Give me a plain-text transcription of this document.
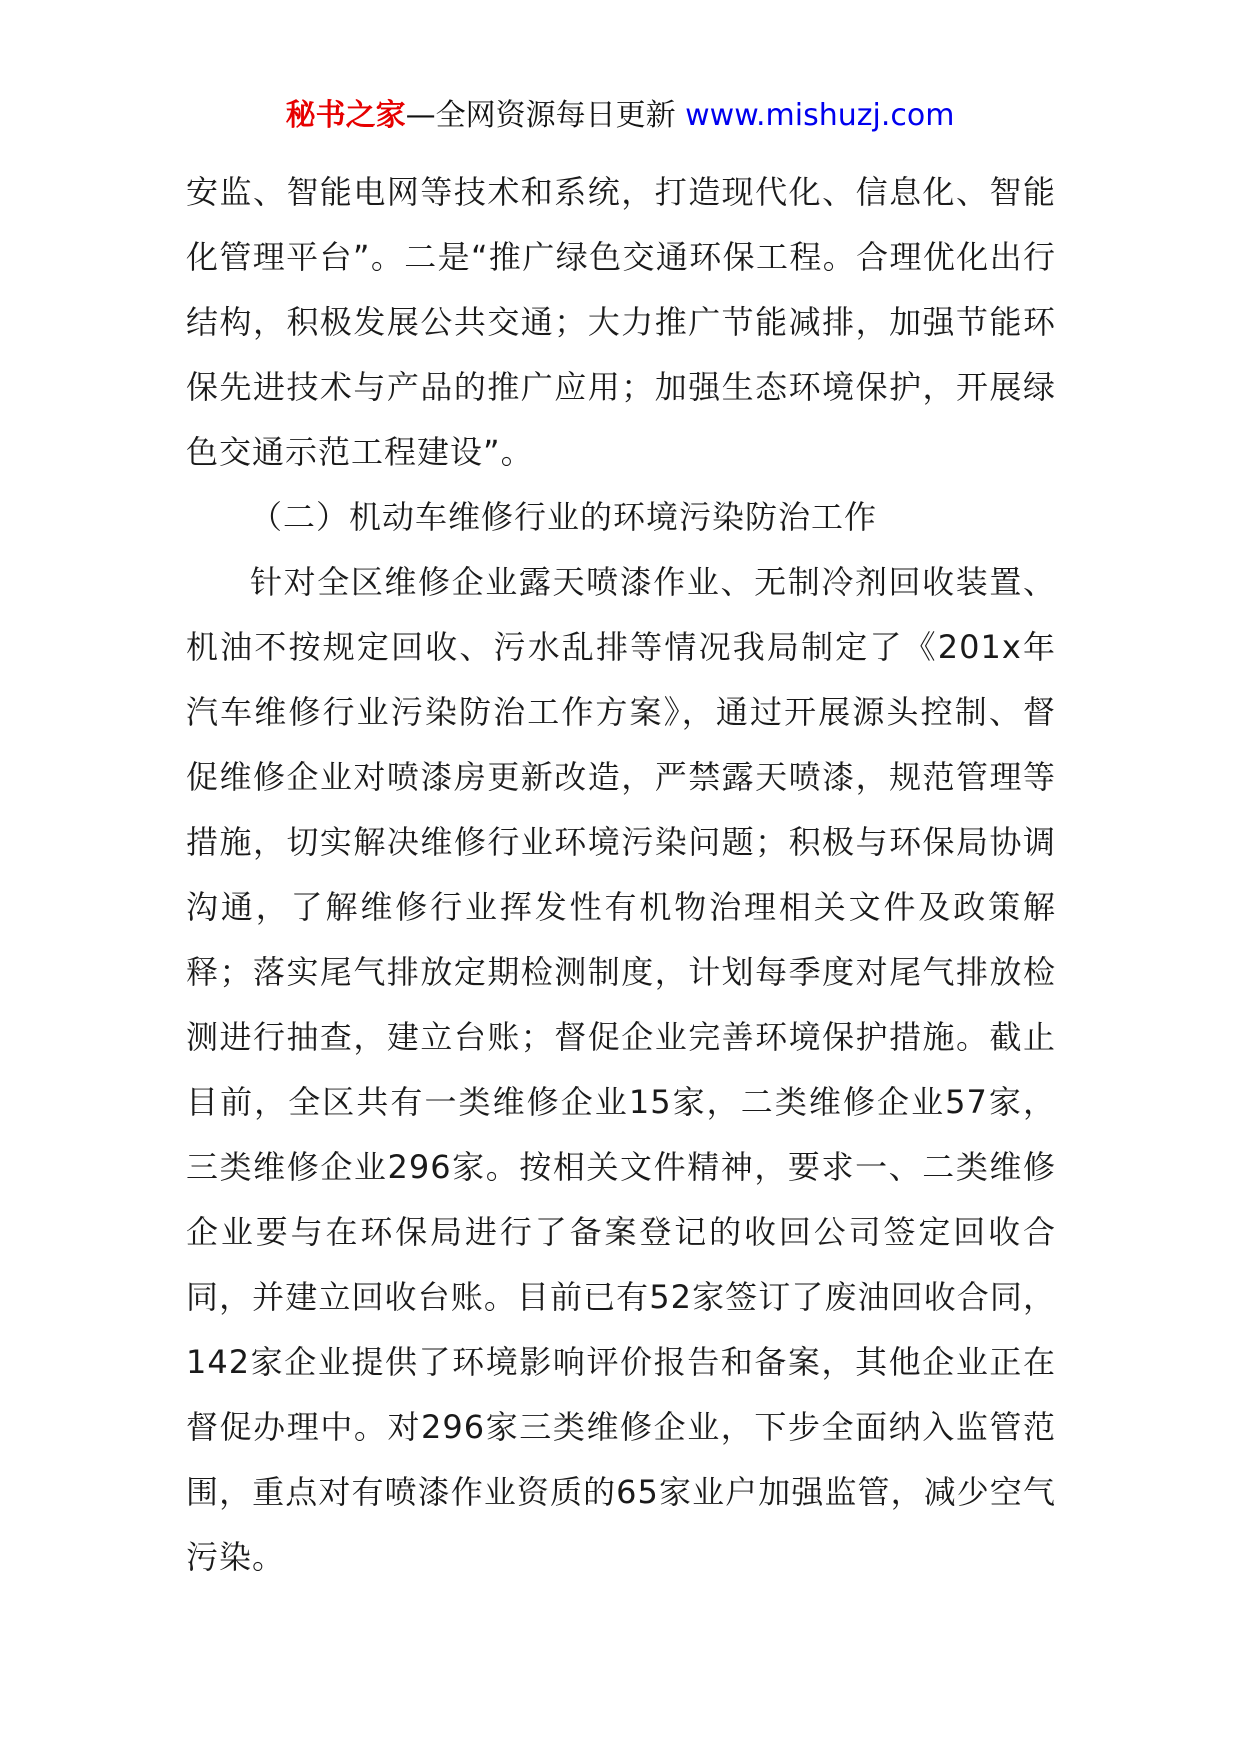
秘书之家—全网资源每日更新 www.mishuzj.com

安监、智能电网等技术和系统，打造现代化、信息化、智能化管理平台”。二是“推广绿色交通环保工程。合理优化出行结构，积极发展公共交通；大力推广节能减排，加强节能环保先进技术与产品的推广应用；加强生态环境保护，开展绿色交通示范工程建设”。

（二）机动车维修行业的环境污染防治工作

针对全区维修企业露天喷漆作业、无制冷剂回收装置、机油不按规定回收、污水乱排等情况我局制定了《201x年汽车维修行业污染防治工作方案》，通过开展源头控制、督促维修企业对喷漆房更新改造，严禁露天喷漆，规范管理等措施，切实解决维修行业环境污染问题；积极与环保局协调沟通，了解维修行业挥发性有机物治理相关文件及政策解释；落实尾气排放定期检测制度，计划每季度对尾气排放检测进行抽查，建立台账；督促企业完善环境保护措施。截止目前，全区共有一类维修企业15家，二类维修企业57家，三类维修企业296家。按相关文件精神，要求一、二类维修企业要与在环保局进行了备案登记的收回公司签定回收合同，并建立回收台账。目前已有52家签订了废油回收合同，142家企业提供了环境影响评价报告和备案，其他企业正在督促办理中。对296家三类维修企业，下步全面纳入监管范围，重点对有喷漆作业资质的65家业户加强监管，减少空气污染。
